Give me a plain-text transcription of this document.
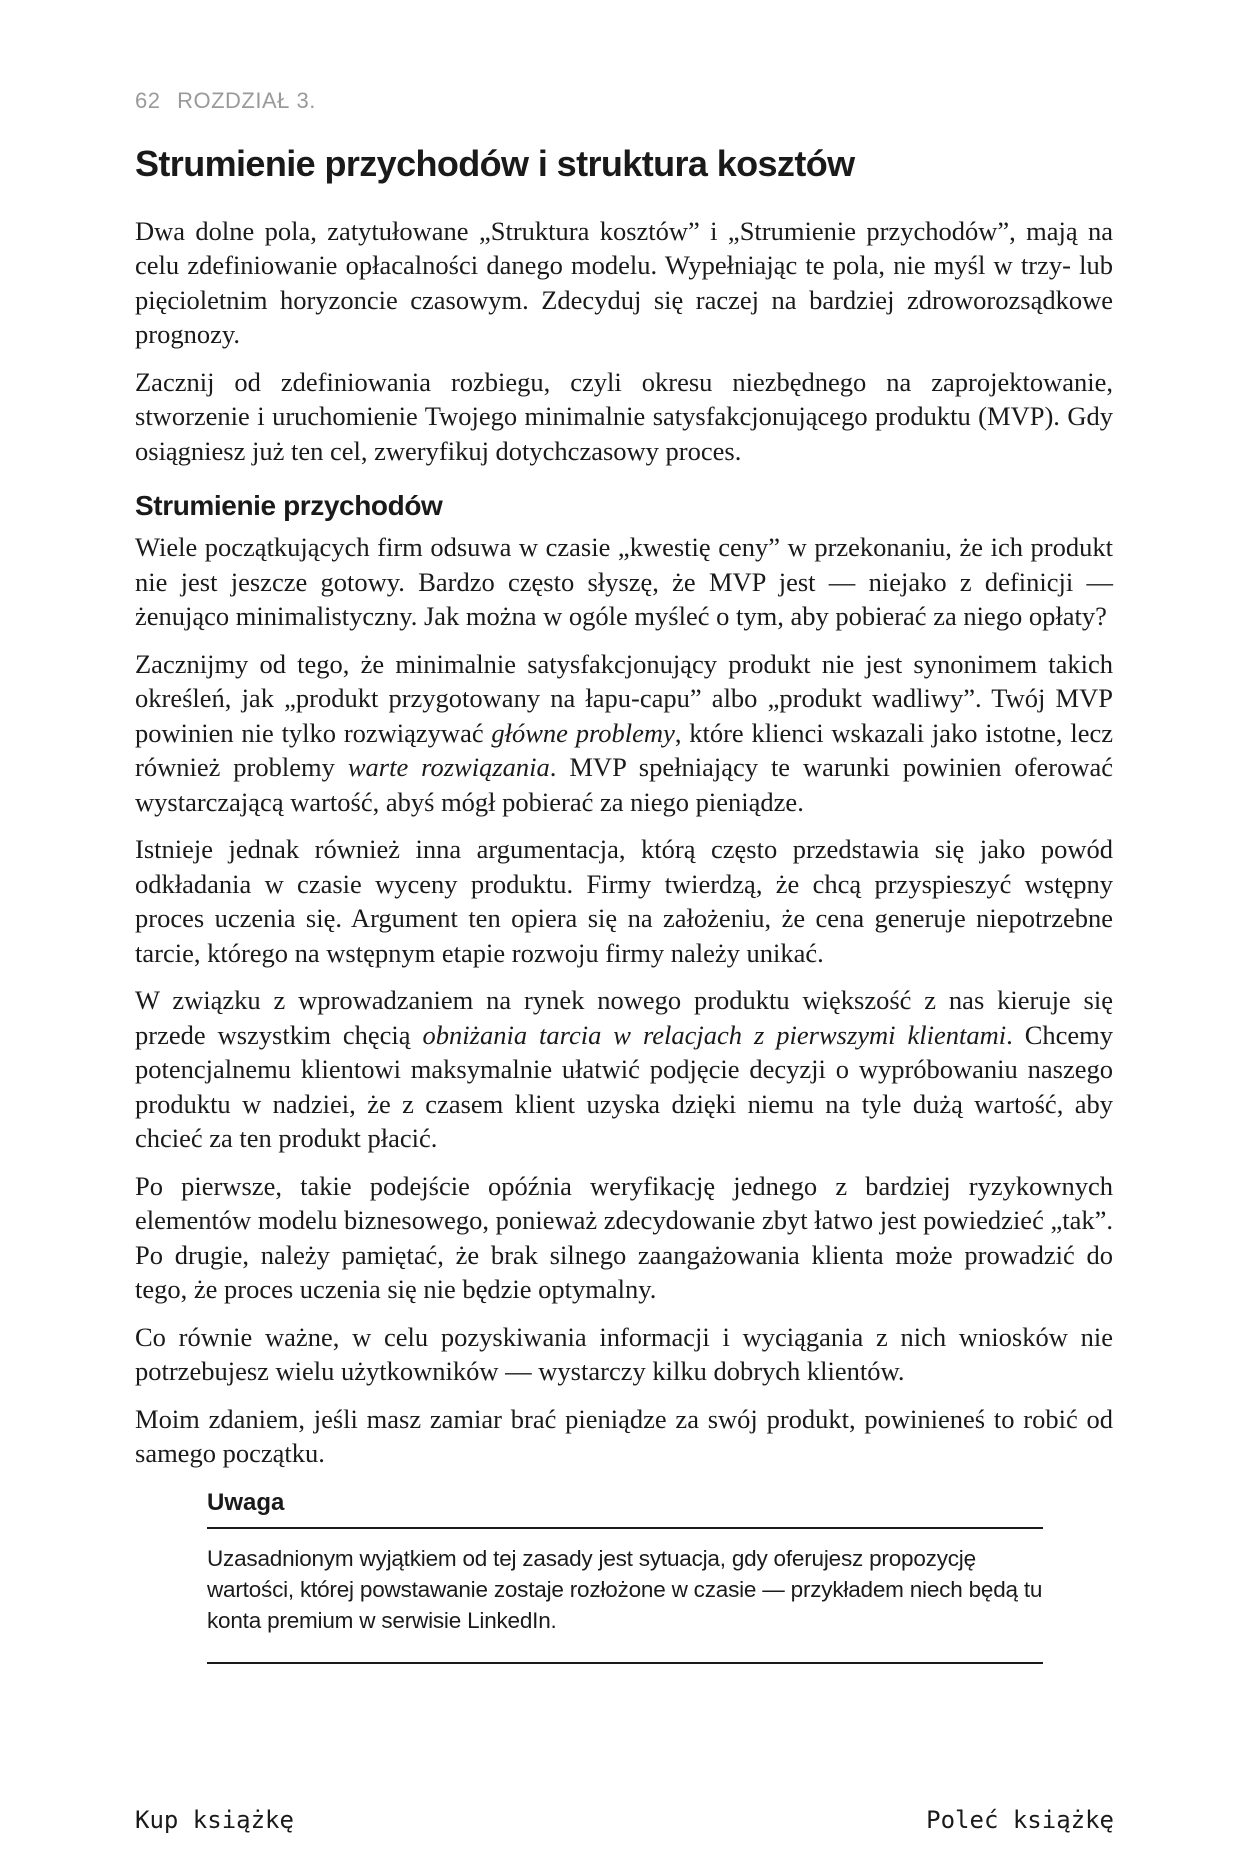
62 ROZDZIAŁ 3.
Strumienie przychodów i struktura kosztów

Dwa dolne pola, zatytułowane „Struktura kosztów” i „Strumienie przychodów”, mają na celu zdefiniowanie opłacalności danego modelu. Wypełniając te pola, nie myśl w trzy- lub pięcioletnim horyzoncie czasowym. Zdecyduj się raczej na bardziej zdroworozsądkowe prognozy.

Zacznij od zdefiniowania rozbiegu, czyli okresu niezbędnego na zaprojektowanie, stworzenie i uruchomienie Twojego minimalnie satysfakcjonującego produktu (MVP). Gdy osiągniesz już ten cel, zweryfikuj dotychczasowy proces.

Strumienie przychodów

Wiele początkujących firm odsuwa w czasie „kwestię ceny” w przekonaniu, że ich produkt nie jest jeszcze gotowy. Bardzo często słyszę, że MVP jest — niejako z definicji — żenująco minimalistyczny. Jak można w ogóle myśleć o tym, aby pobierać za niego opłaty?

Zacznijmy od tego, że minimalnie satysfakcjonujący produkt nie jest synonimem takich określeń, jak „produkt przygotowany na łapu-capu” albo „produkt wadliwy”. Twój MVP powinien nie tylko rozwiązywać główne problemy, które klienci wskazali jako istotne, lecz również problemy warte rozwiązania. MVP spełniający te warunki powinien oferować wystarczającą wartość, abyś mógł pobierać za niego pieniądze.

Istnieje jednak również inna argumentacja, którą często przedstawia się jako powód odkładania w czasie wyceny produktu. Firmy twierdzą, że chcą przyspieszyć wstępny proces uczenia się. Argument ten opiera się na założeniu, że cena generuje niepotrzebne tarcie, którego na wstępnym etapie rozwoju firmy należy unikać.

W związku z wprowadzaniem na rynek nowego produktu większość z nas kieruje się przede wszystkim chęcią obniżania tarcia w relacjach z pierwszymi klientami. Chcemy potencjalnemu klientowi maksymalnie ułatwić podjęcie decyzji o wypróbowaniu naszego produktu w nadziei, że z czasem klient uzyska dzięki niemu na tyle dużą wartość, aby chcieć za ten produkt płacić.

Po pierwsze, takie podejście opóźnia weryfikację jednego z bardziej ryzykownych elementów modelu biznesowego, ponieważ zdecydowanie zbyt łatwo jest powiedzieć „tak”. Po drugie, należy pamiętać, że brak silnego zaangażowania klienta może prowadzić do tego, że proces uczenia się nie będzie optymalny.

Co równie ważne, w celu pozyskiwania informacji i wyciągania z nich wniosków nie potrzebujesz wielu użytkowników — wystarczy kilku dobrych klientów.

Moim zdaniem, jeśli masz zamiar brać pieniądze za swój produkt, powinieneś to robić od samego początku.

Uwaga
Uzasadnionym wyjątkiem od tej zasady jest sytuacja, gdy oferujesz propozycję wartości, której powstawanie zostaje rozłożone w czasie — przykładem niech będą tu konta premium w serwisie LinkedIn.
Kup książkę	Poleć książkę
